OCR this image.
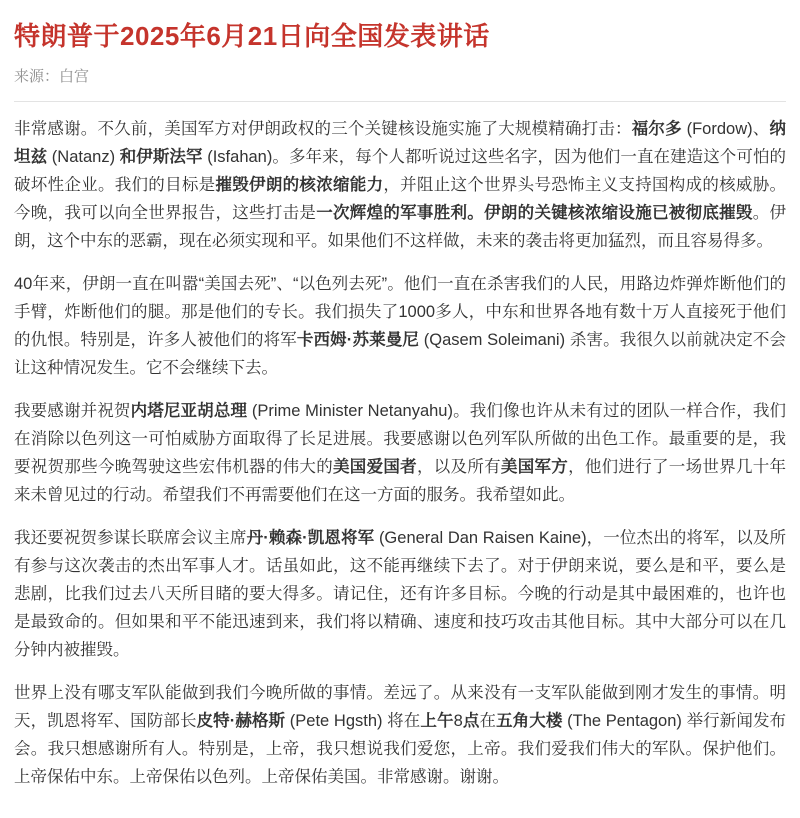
特朗普于2025年6月21日向全国发表讲话
来源：白宫

非常感谢。不久前，美国军方对伊朗政权的三个关键核设施实施了大规模精确打击：福尔多 (Fordow)、纳坦兹 (Natanz) 和伊斯法罕 (Isfahan)。多年来，每个人都听说过这些名字，因为他们一直在建造这个可怕的破坏性企业。我们的目标是摧毁伊朗的核浓缩能力，并阻止这个世界头号恐怖主义支持国构成的核威胁。今晚，我可以向全世界报告，这些打击是一次辉煌的军事胜利。伊朗的关键核浓缩设施已被彻底摧毁。伊朗，这个中东的恶霸，现在必须实现和平。如果他们不这样做，未来的袭击将更加猛烈，而且容易得多。

40年来，伊朗一直在叫嚣“美国去死”、“以色列去死”。他们一直在杀害我们的人民，用路边炸弹炸断他们的手臂，炸断他们的腿。那是他们的专长。我们损失了1000多人，中东和世界各地有数十万人直接死于他们的仇恨。特别是，许多人被他们的将军卡西姆·苏莱曼尼 (Qasem Soleimani) 杀害。我很久以前就决定不会让这种情况发生。它不会继续下去。

我要感谢并祝贺内塔尼亚胡总理 (Prime Minister Netanyahu)。我们像也许从未有过的团队一样合作，我们在消除以色列这一可怕威胁方面取得了长足进展。我要感谢以色列军队所做的出色工作。最重要的是，我要祝贺那些今晚驾驶这些宏伟机器的伟大的美国爱国者，以及所有美国军方，他们进行了一场世界几十年来未曾见过的行动。希望我们不再需要他们在这一方面的服务。我希望如此。

我还要祝贺参谋长联席会议主席丹·赖森·凯恩将军 (General Dan Raisen Kaine)，一位杰出的将军，以及所有参与这次袭击的杰出军事人才。话虽如此，这不能再继续下去了。对于伊朗来说，要么是和平，要么是悲剧，比我们过去八天所目睹的要大得多。请记住，还有许多目标。今晚的行动是其中最困难的，也许也是最致命的。但如果和平不能迅速到来，我们将以精确、速度和技巧攻击其他目标。其中大部分可以在几分钟内被摧毁。

世界上没有哪支军队能做到我们今晚所做的事情。差远了。从来没有一支军队能做到刚才发生的事情。明天，凯恩将军、国防部长皮特·赫格斯 (Pete Hgsth) 将在上午8点在五角大楼 (The Pentagon) 举行新闻发布会。我只想感谢所有人。特别是，上帝，我只想说我们爱您，上帝。我们爱我们伟大的军队。保护他们。上帝保佑中东。上帝保佑以色列。上帝保佑美国。非常感谢。谢谢。
